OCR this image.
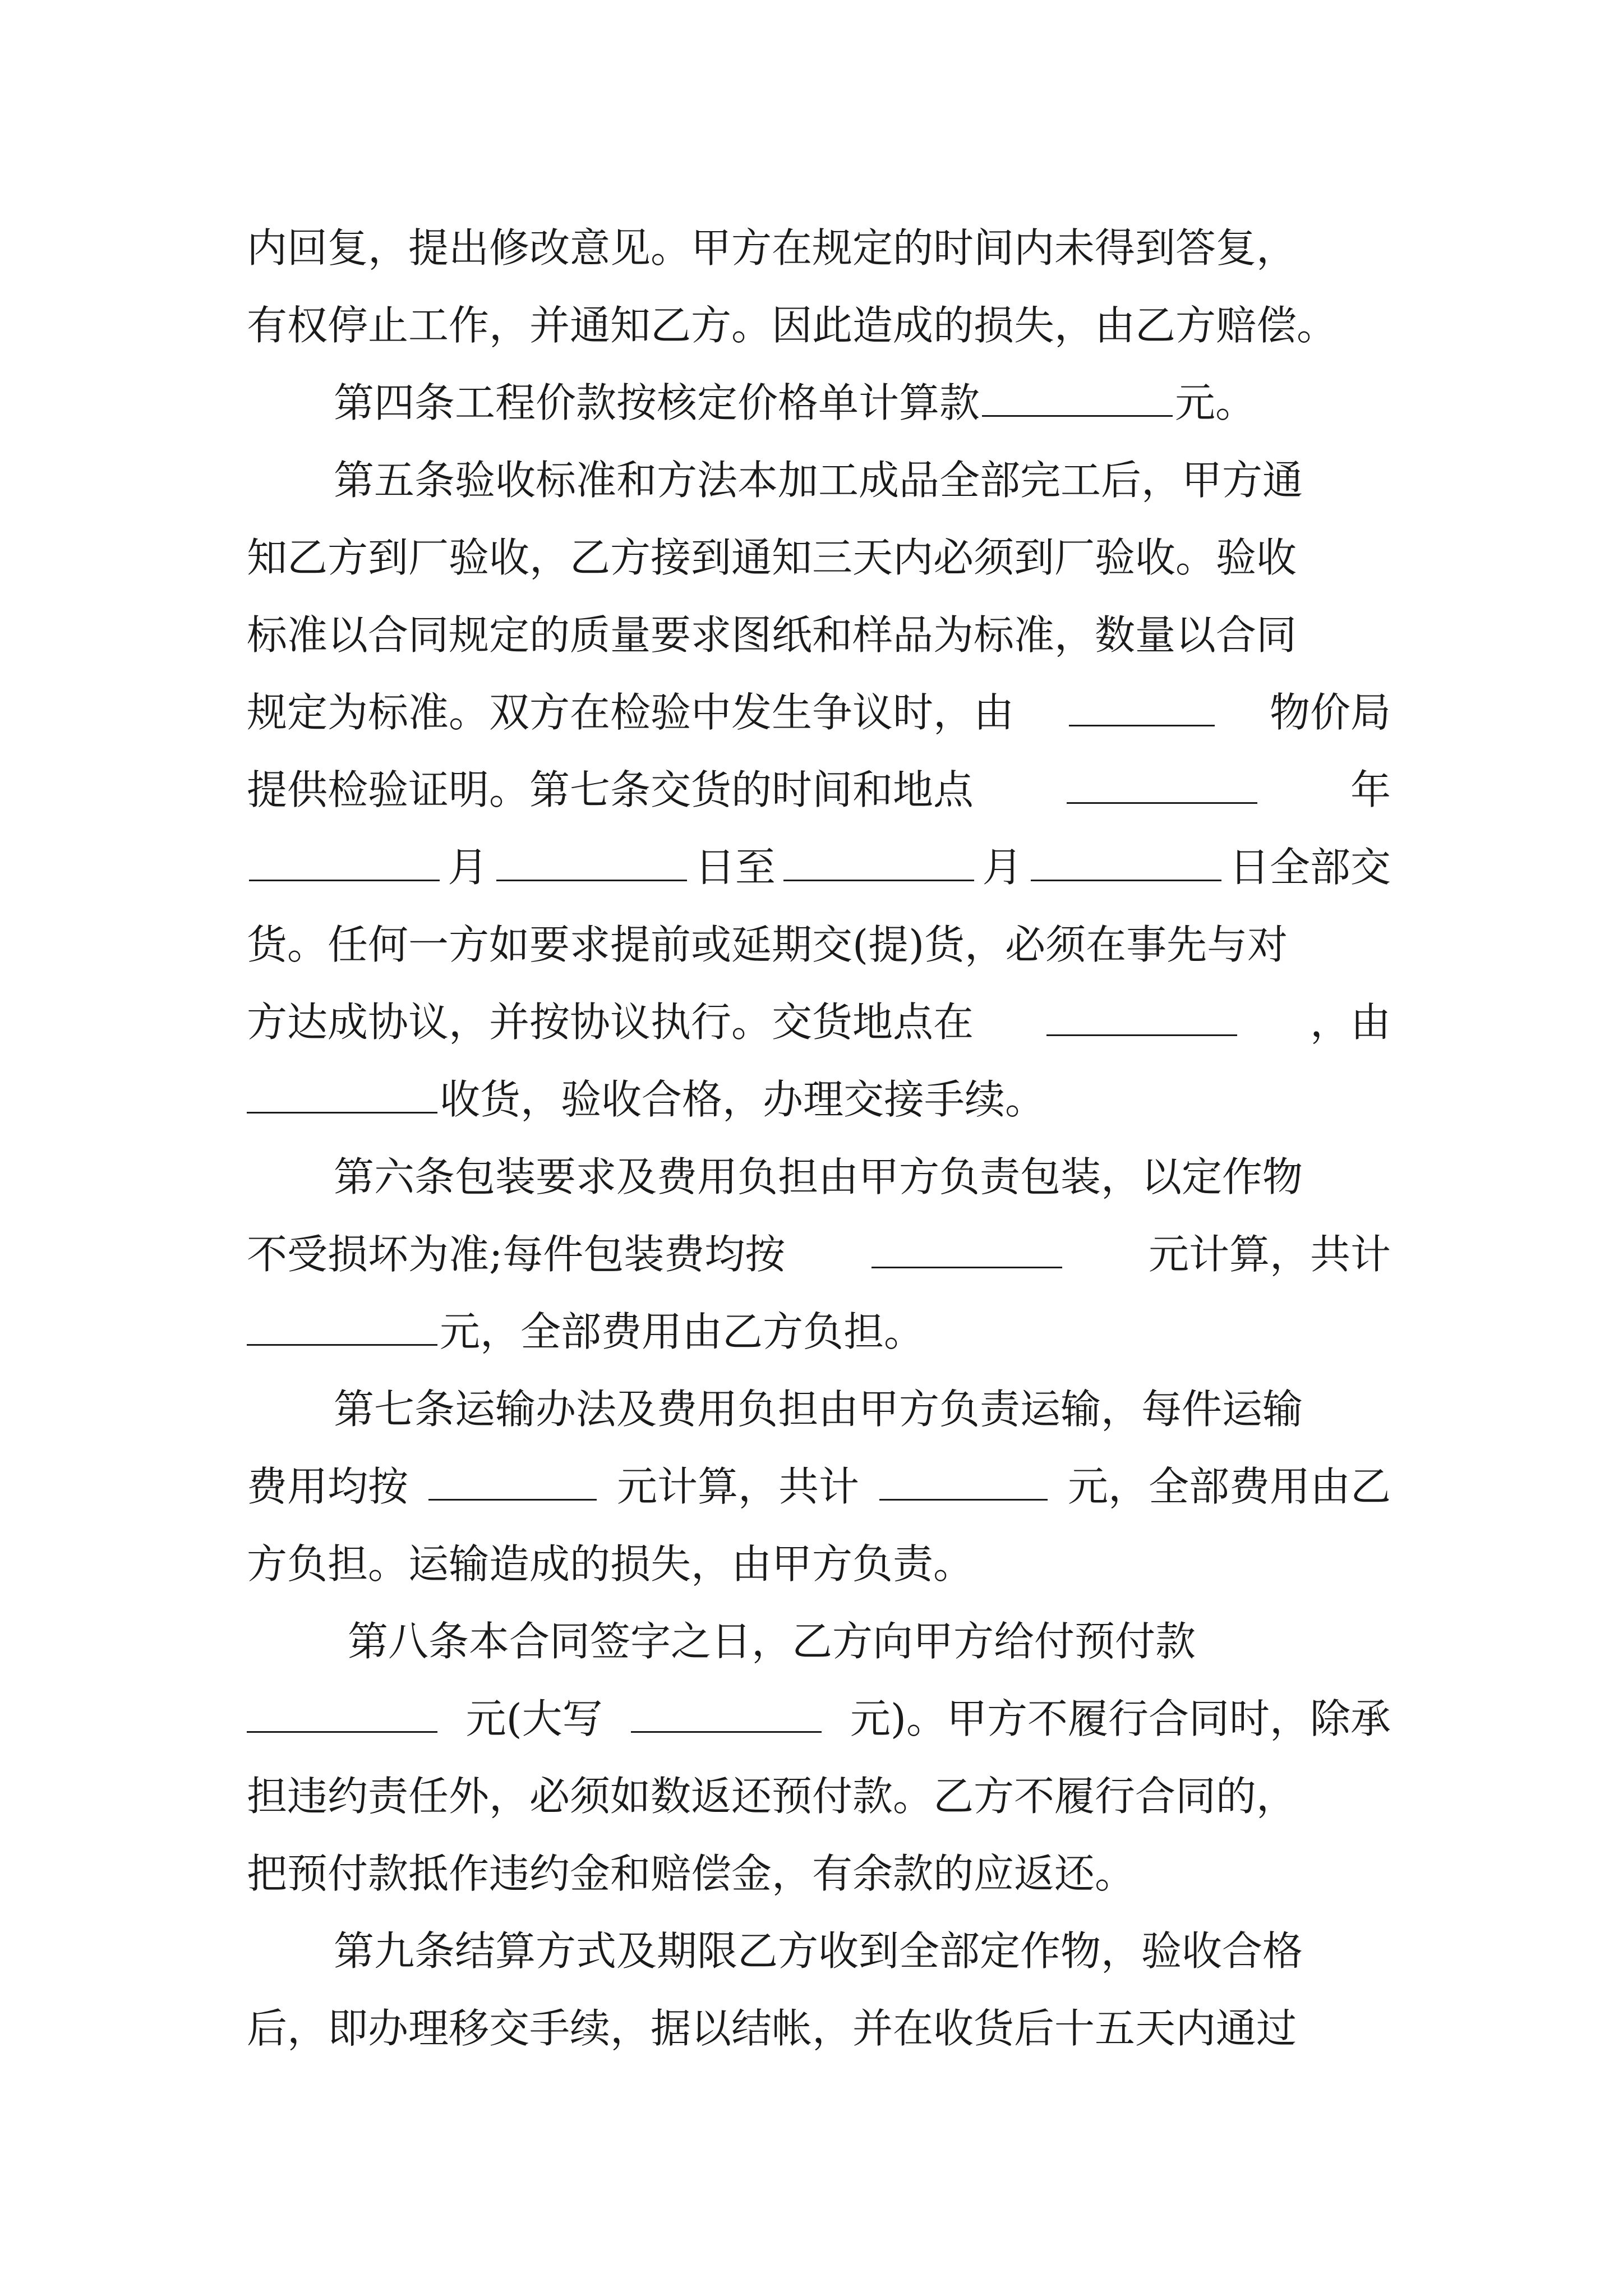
内回复，提出修改意见。甲方在规定的时间内未得到答复，
有权停止工作，并通知乙方。因此造成的损失，由乙方赔偿。
第四条工程价款按核定价格单计算款	元。
第五条验收标准和方法本加工成品全部完工后，甲方通
知乙方到厂验收，乙方接到通知三天内必须到厂验收。验收
标准以合同规定的质量要求图纸和样品为标准，数量以合同
规定为标准。双方在检验中发生争议时，由	物价局
提供检验证明。第七条交货的时间和地点	年
月	日至	月	日全部交
货。任何一方如要求提前或延期交(提)货，必须在事先与对
方达成协议，并按协议执行。交货地点在	，由
收货，验收合格，办理交接手续。
第六条包装要求及费用负担由甲方负责包装，以定作物
不受损坏为准;每件包装费均按	元计算，共计
元，全部费用由乙方负担。
第七条运输办法及费用负担由甲方负责运输，每件运输
费用均按	元计算，共计	元，全部费用由乙
方负担。运输造成的损失，由甲方负责。
第八条本合同签字之日，乙方向甲方给付预付款
元(大写	元)。甲方不履行合同时，除承
担违约责任外，必须如数返还预付款。乙方不履行合同的，
把预付款抵作违约金和赔偿金，有余款的应返还。
第九条结算方式及期限乙方收到全部定作物，验收合格
后，即办理移交手续，据以结帐，并在收货后十五天内通过
